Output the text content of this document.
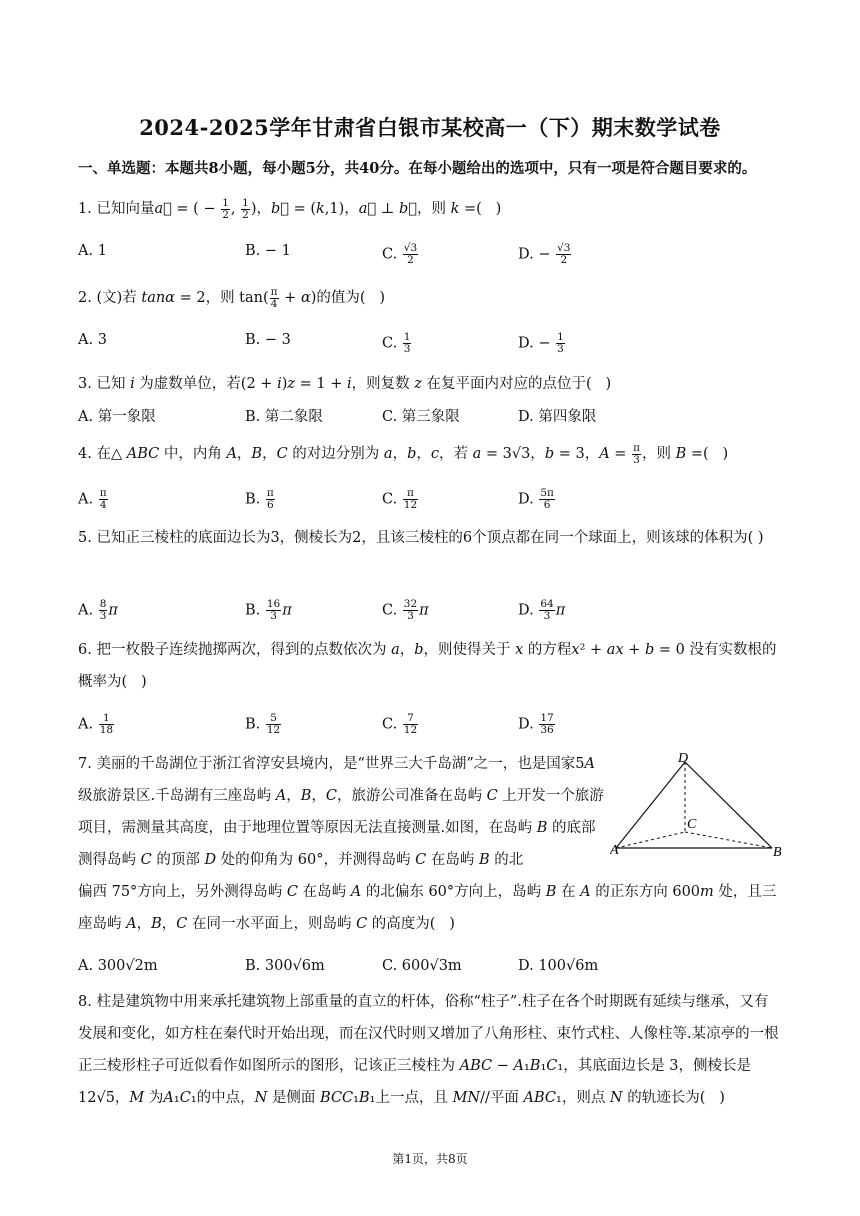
2024-2025学年甘肃省白银市某校高一（下）期末数学试卷
一、单选题：本题共8小题，每小题5分，共40分。在每小题给出的选项中，只有一项是符合题目要求的。
1. 已知向量a⃗ = ( − $\frac{1}{2}$ , $\frac{1}{2}$ )，b⃗ = (k,1)，a⃗ ⊥ b⃗，则 k =(   )
A. 1	B. − 1	C. $\frac{√3}{2}$	D. − $\frac{√3}{2}$
2. (文)若 tanα = 2，则 $\tan( \frac{\pi}{4} + \alpha)$的值为(   )
A. 3	B. − 3	C. $\frac{1}{3}$	D. − $\frac{1}{3}$
3. 已知 i 为虚数单位，若(2 + i)z = 1 + i，则复数 z 在复平面内对应的点位于(   )
A. 第一象限	B. 第二象限	C. 第三象限	D. 第四象限
4. 在△ ABC 中，内角 A，B，C 的对边分别为 a，b，c，若 a = 3√3，b = 3，$A = \frac{\pi}{3}$ ，则 B =(   )
A. $\frac{\pi}{4}$	B. $\frac{\pi}{6}$	C. $\frac{\pi}{12}$	D. $\frac{5\pi}{6}$
5. 已知正三棱柱的底面边长为3，侧棱长为2，且该三棱柱的6个顶点都在同一个球面上，则该球的体积为( )
A. $\frac{8}{3}$ π	B. $\frac{16}{3}$ π	C. $\frac{32}{3}$ π	D. $\frac{64}{3}$ π
6. 把一枚骰子连续抛掷两次，得到的点数依次为 a，b，则使得关于 x 的方程x² + ax + b = 0 没有实数根的概率为(   )
A. $\frac{1}{18}$	B. $\frac{5}{12}$	C. $\frac{7}{12}$	D. $\frac{17}{36}$
7. 美丽的千岛湖位于浙江省淳安县境内，是“世界三大千岛湖”之一，也是国家5A 级旅游景区.千岛湖有三座岛屿 A，B，C，旅游公司准备在岛屿 C 上开发一个旅游项目，需测量其高度，由于地理位置等原因无法直接测量.如图，在岛屿 B 的底部测得岛屿 C 的顶部 D 处的仰角为 60°，并测得岛屿 C 在岛屿 B 的北
偏西 75°方向上，另外测得岛屿 C 在岛屿 A 的北偏东 60°方向上，岛屿 B 在 A 的正东方向 600m 处，且三座岛屿 A，B，C 在同一水平面上，则岛屿 C 的高度为(   )
A. 300√2m	B. 300√6m	C. 600√3m	D. 100√6m
D
C
A	B
8. 柱是建筑物中用来承托建筑物上部重量的直立的杆体，俗称“柱子”.柱子在各个时期既有延续与继承，又有发展和变化，如方柱在秦代时开始出现，而在汉代时则又增加了八角形柱、束竹式柱、人像柱等.某凉亭的一根正三棱形柱子可近似看作如图所示的图形，记该正三棱柱为 ABC − A₁B₁C₁，其底面边长是 3，侧棱长是 12√5，M 为A₁C₁的中点，N 是侧面 BCC₁B₁上一点，且 MN//平面 ABC₁，则点 N 的轨迹长为(   )
第1页，共8页
